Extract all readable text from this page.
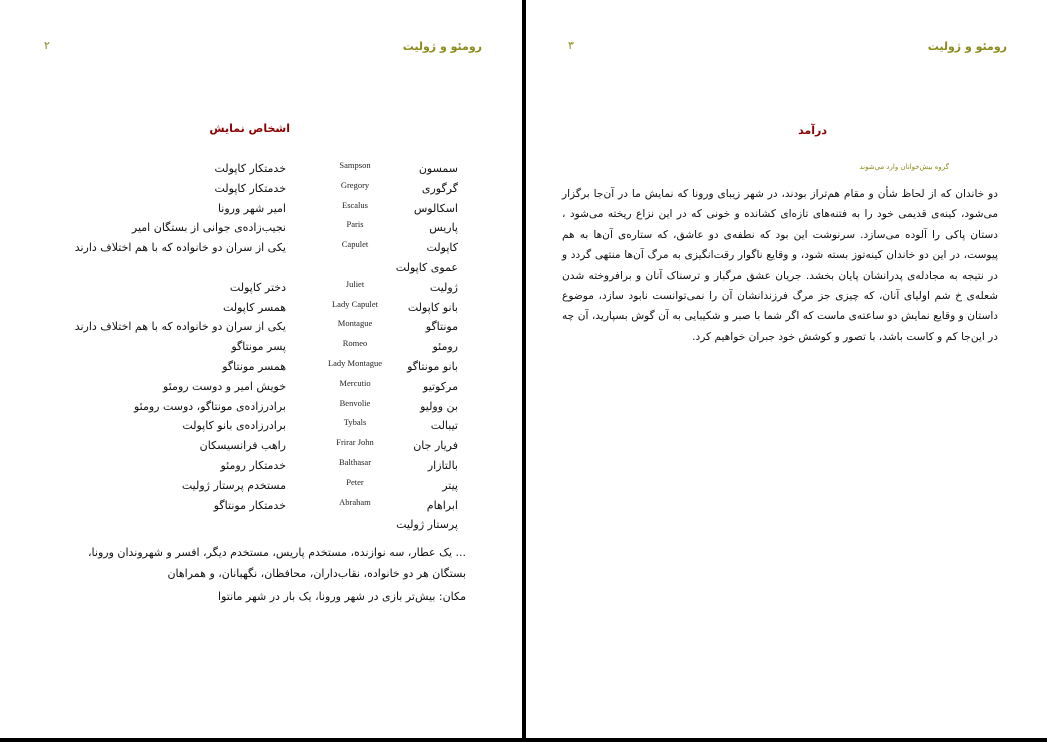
رومئو و ژولیت
۲
اشخاص نمایش
سمسون
Sampson
خدمتکار کاپولت
گرگوری
Gregory
خدمتکار کاپولت
اسکالوس
Escalus
امیر شهر ورونا
پاریس
Paris
نجیب‌زاده‌ی جوانی از بستگان امیر
کاپولت
Capulet
یکی از سران دو خانواده که با هم اختلاف دارند
عموی کاپولت
ژولیت
Juliet
دختر کاپولت
بانو کاپولت
Lady Capulet
همسر کاپولت
مونتاگو
Montague
یکی از سران دو خانواده که با هم اختلاف دارند
رومئو
Romeo
پسر مونتاگو
بانو مونتاگو
Lady Montague
همسر مونتاگو
مرکوتیو
Mercutio
خویش امیر و دوست رومئو
بن وولیو
Benvolie
برادرزاده‌ی مونتاگو، دوست رومئو
تیبالت
Tybals
برادرزاده‌ی بانو کاپولت
فریار جان
Frirar John
راهب فرانسیسکان
بالتازار
Balthasar
خدمتکار رومئو
پیتر
Peter
مستخدم پرستار ژولیت
ابراهام
Abraham
خدمتکار مونتاگو
پرستار ژولیت
... یک عطار، سه نوازنده، مستخدم پاریس، مستخدم دیگر، افسر و شهروندان ورونا، بستگان هر دو خانواده، نقاب‌داران، محافظان، نگهبانان، و همراهان
مکان: بیش‌تر بازی در شهر ورونا، یک بار در شهر مانتوا
رومئو و ژولیت
۳
درآمد
گروه بیش‌خوانان وارد می‌شوند
دو خاندان که از لحاظ شأن و مقام هم‌تراز بودند، در شهر زیبای ورونا که نمایش ما در آن‌جا برگزار می‌شود، کینه‌ی قدیمی خود را به فتنه‌های تازه‌ای کشانده و خونی که در این نزاع ریخته می‌شود ، دستان پاکی را آلوده می‌سازد. سرنوشت این بود که نطفه‌ی دو عاشق، که ستاره‌ی آن‌ها به هم پیوست، در این دو خاندان کینه‌توز بسته شود، و وقایع ناگوار رقت‌انگیزی به مرگ آن‌ها منتهی گردد و در نتیجه به مجادله‌ی پدرانشان پایان بخشد. جریان عشق مرگبار و ترسناک آنان و برافروخته شدن شعله‌ی خ شم اولیای آنان، که چیزی جز مرگ فرزندانشان آن را نمی‌توانست نابود سازد، موضوع داستان و وقایع نمایش دو ساعته‌ی ماست که اگر شما با صبر و شکیبایی به آن گوش بسپارید، آن چه در این‌جا کم و کاست باشد، با تصور و کوشش خود جبران خواهیم کرد.
